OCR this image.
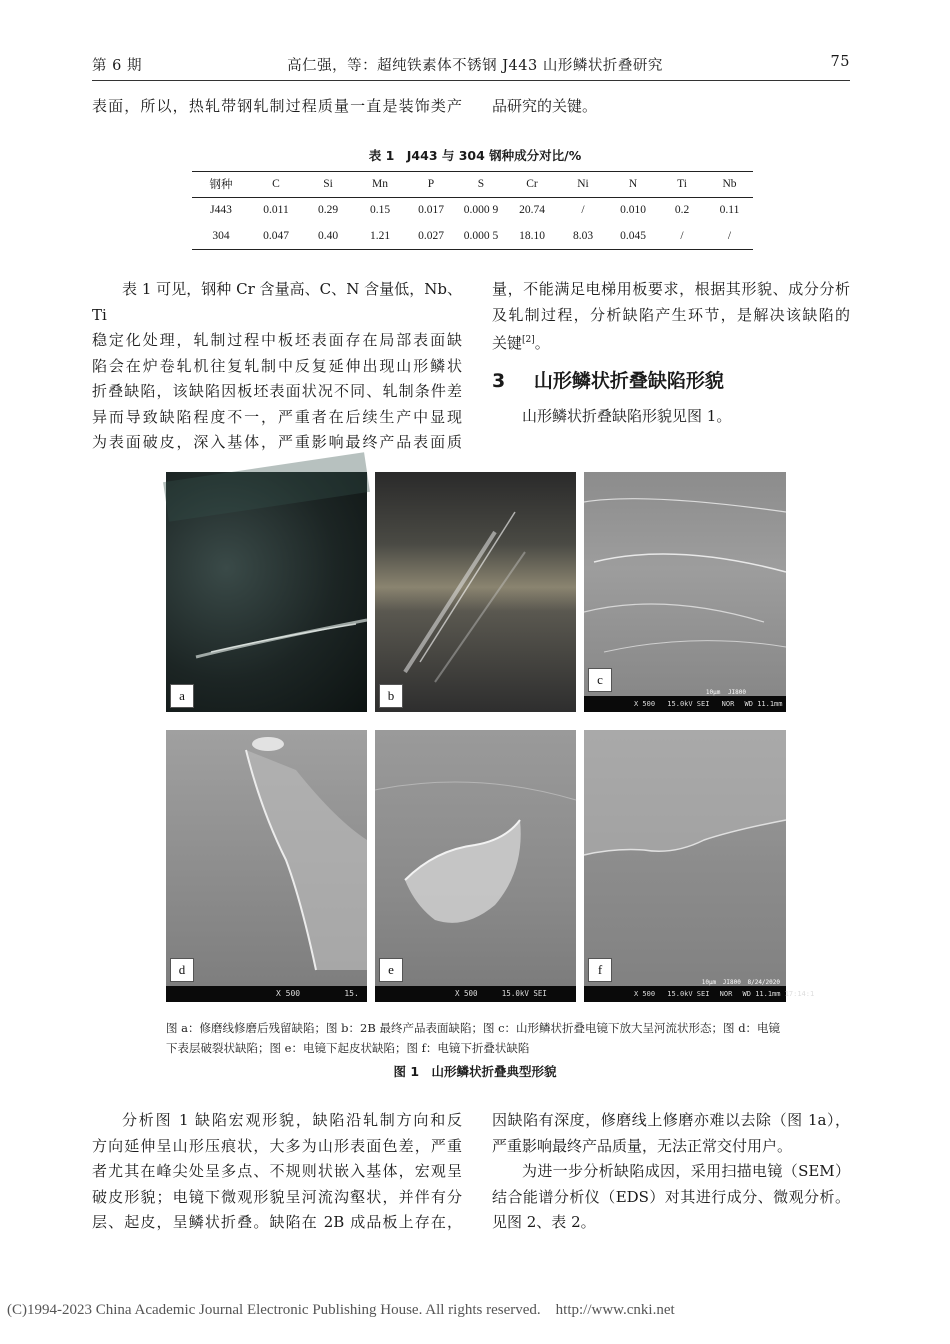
第 6 期	高仁强，等：超纯铁素体不锈钢 J443 山形鳞状折叠研究	75
表面，所以，热轧带钢轧制过程质量一直是装饰类产 品研究的关键。
表 1　J443 与 304 钢种成分对比/%
钢种	C	Si	Mn	P	S	Cr	Ni	N	Ti	Nb
J443	0.011	0.29	0.15	0.017	0.000 9	20.74	/	0.010	0.2	0.11
304	0.047	0.40	1.21	0.027	0.000 5	18.10	8.03	0.045	/	/
表 1 可见，钢种 Cr 含量高、C、N 含量低，Nb、Ti
稳定化处理，轧制过程中板坯表面存在局部表面缺
陷会在炉卷轧机往复轧制中反复延伸出现山形鳞状
折叠缺陷，该缺陷因板坯表面状况不同、轧制条件差
异而导致缺陷程度不一，严重者在后续生产中显现
为表面破皮，深入基体，严重影响最终产品表面质
量，不能满足电梯用板要求，根据其形貌、成分分析
及轧制过程，分析缺陷产生环节，是解决该缺陷的
关键[2]。
3 山形鳞状折叠缺陷形貌
山形鳞状折叠缺陷形貌见图 1。
a	b
X 500 15.0kV SEI NOR WD 11.1mm
10μm JI800
c
X 500	15.
d
X 500	15.0kV SEI
e
X 500 15.0kV SEI NOR WD 11.1mm 17:14:1
10μm JI800 8/24/2020
f
图 a：修磨线修磨后残留缺陷；图 b：2B 最终产品表面缺陷；图 c：山形鳞状折叠电镜下放大呈河流状形态；图 d：电镜
下表层破裂状缺陷；图 e：电镜下起皮状缺陷；图 f：电镜下折叠状缺陷
图 1　山形鳞状折叠典型形貌
分析图 1 缺陷宏观形貌，缺陷沿轧制方向和反
方向延伸呈山形压痕状，大多为山形表面色差，严重
者尤其在峰尖处呈多点、不规则状嵌入基体，宏观呈
破皮形貌；电镜下微观形貌呈河流沟壑状，并伴有分
层、起皮，呈鳞状折叠。缺陷在 2B 成品板上存在，
因缺陷有深度，修磨线上修磨亦难以去除（图 1a），
严重影响最终产品质量，无法正常交付用户。
为进一步分析缺陷成因，采用扫描电镜（SEM）
结合能谱分析仪（EDS）对其进行成分、微观分析。
见图 2、表 2。
(C)1994-2023 China Academic Journal Electronic Publishing House. All rights reserved.　http://www.cnki.net
